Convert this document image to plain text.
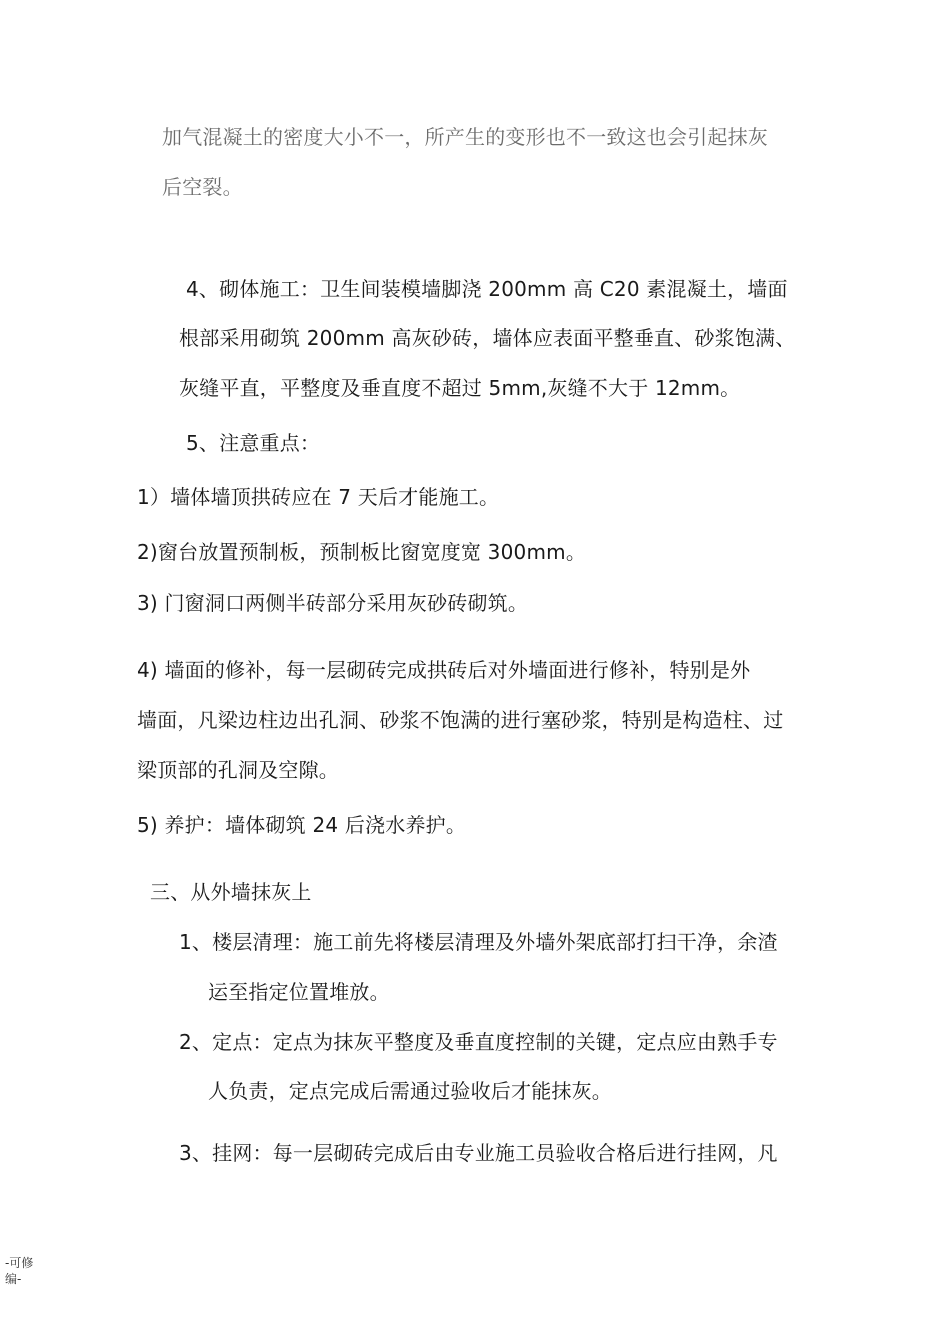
加气混凝土的密度大小不一，所产生的变形也不一致这也会引起抹灰
后空裂。
4、砌体施工：卫生间装模墙脚浇 200mm 高 C20 素混凝土，墙面
根部采用砌筑 200mm 高灰砂砖，墙体应表面平整垂直、砂浆饱满、
灰缝平直，平整度及垂直度不超过 5mm,灰缝不大于 12mm。
5、注意重点：
1）墙体墙顶拱砖应在 7 天后才能施工。
2)窗台放置预制板，预制板比窗宽度宽 300mm。
3) 门窗洞口两侧半砖部分采用灰砂砖砌筑。
4) 墙面的修补，每一层砌砖完成拱砖后对外墙面进行修补，特别是外
墙面，凡梁边柱边出孔洞、砂浆不饱满的进行塞砂浆，特别是构造柱、过
梁顶部的孔洞及空隙。
5) 养护：墙体砌筑 24 后浇水养护。
三、从外墙抹灰上
1、楼层清理：施工前先将楼层清理及外墙外架底部打扫干净，余渣
运至指定位置堆放。
2、定点：定点为抹灰平整度及垂直度控制的关键，定点应由熟手专
人负责，定点完成后需通过验收后才能抹灰。
3、挂网：每一层砌砖完成后由专业施工员验收合格后进行挂网，凡
-可修
编-
